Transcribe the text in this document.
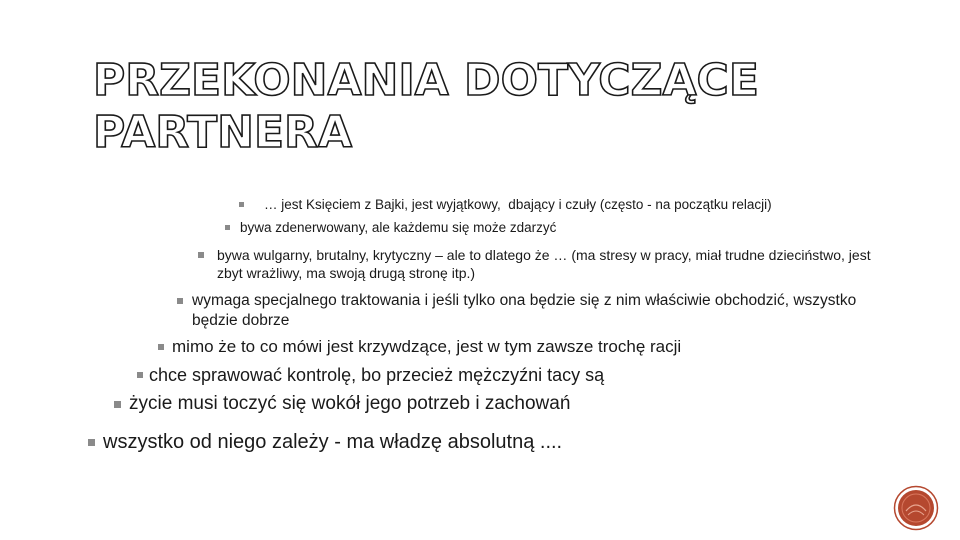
PRZEKONANIA DOTYCZĄCE PARTNERA
… jest Księciem z Bajki, jest wyjątkowy,  dbający i czuły (często - na początku relacji)
bywa zdenerwowany, ale każdemu się może zdarzyć
bywa wulgarny, brutalny, krytyczny – ale to dlatego że … (ma stresy w pracy, miał trudne dzieciństwo, jest zbyt wrażliwy, ma swoją drugą stronę itp.)
wymaga specjalnego traktowania i jeśli tylko ona będzie się z nim właściwie obchodzić, wszystko będzie dobrze
mimo że to co mówi jest krzywdzące, jest w tym zawsze trochę racji
chce sprawować kontrolę, bo przecież mężczyźni tacy są
życie musi toczyć się wokół jego potrzeb i zachowań
wszystko od niego zależy - ma władzę absolutną ....
